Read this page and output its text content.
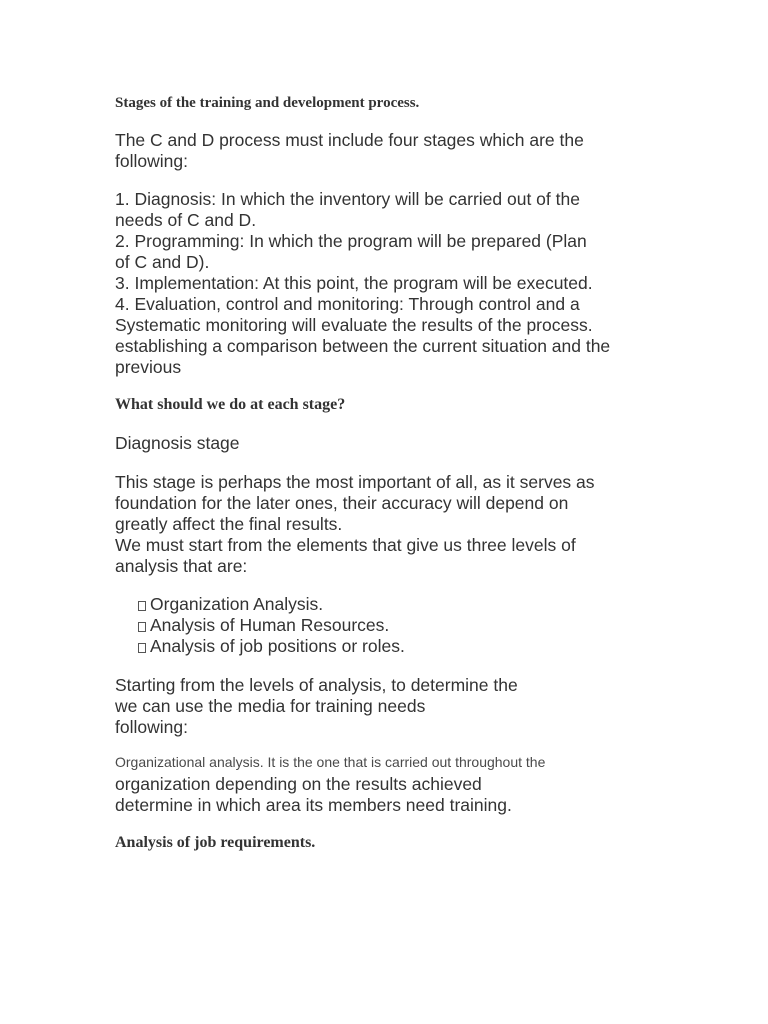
Stages of the training and development process.

The C and D process must include four stages which are the

following:

1. Diagnosis: In which the inventory will be carried out of the

needs of C and D.

2. Programming: In which the program will be prepared (Plan

of C and D).

3. Implementation: At this point, the program will be executed.

4. Evaluation, control and monitoring: Through control and a

Systematic monitoring will evaluate the results of the process.

establishing a comparison between the current situation and the

previous

What should we do at each stage?

Diagnosis stage

This stage is perhaps the most important of all, as it serves as

foundation for the later ones, their accuracy will depend on

greatly affect the final results.

We must start from the elements that give us three levels of

analysis that are:

Organization Analysis.

Analysis of Human Resources.

Analysis of job positions or roles.

Starting from the levels of analysis, to determine the

we can use the media for training needs

following:

Organizational analysis. It is the one that is carried out throughout the

organization depending on the results achieved

determine in which area its members need training.

Analysis of job requirements.
